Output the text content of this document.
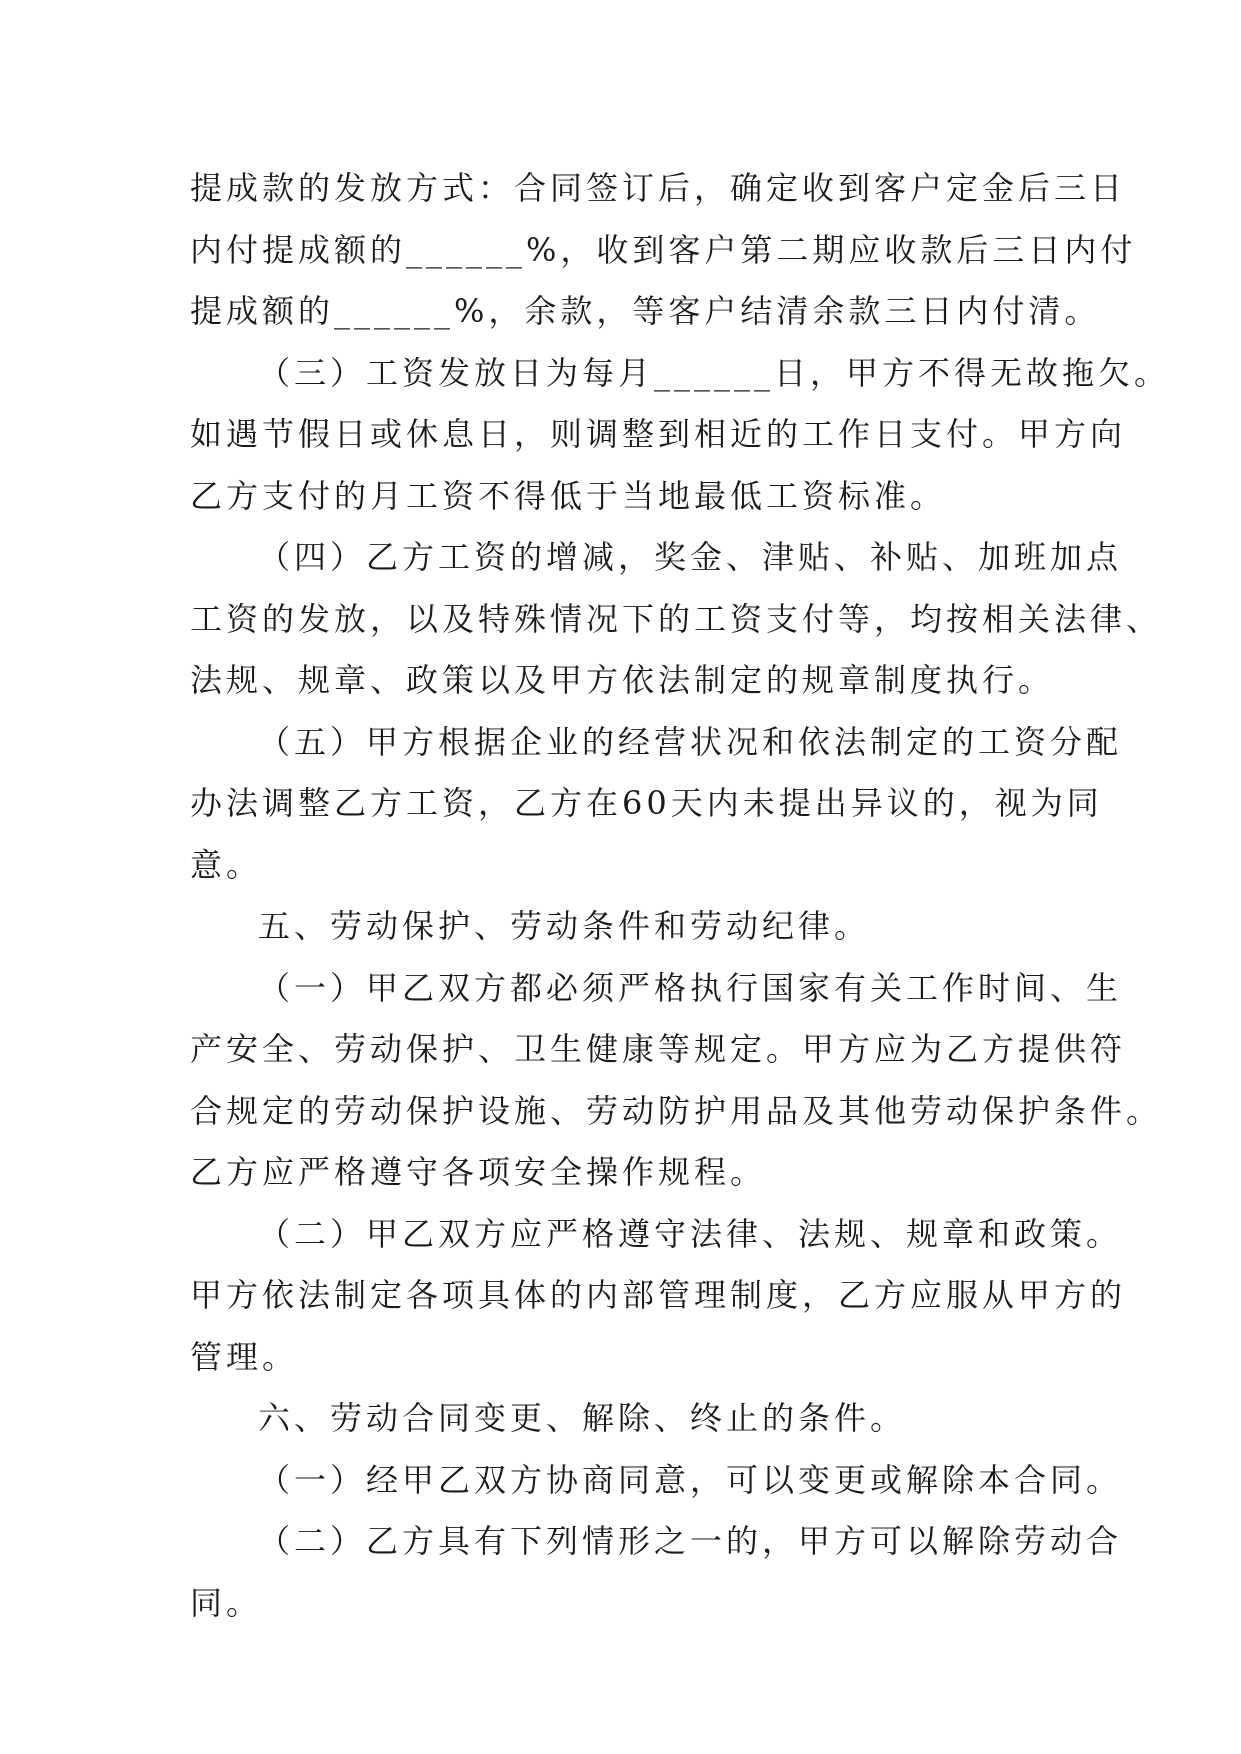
提成款的发放方式：合同签订后，确定收到客户定金后三日
内付提成额的______%，收到客户第二期应收款后三日内付
提成额的______%，余款，等客户结清余款三日内付清。
（三）工资发放日为每月______日，甲方不得无故拖欠。
如遇节假日或休息日，则调整到相近的工作日支付。甲方向
乙方支付的月工资不得低于当地最低工资标准。
（四）乙方工资的增减，奖金、津贴、补贴、加班加点
工资的发放，以及特殊情况下的工资支付等，均按相关法律、
法规、规章、政策以及甲方依法制定的规章制度执行。
（五）甲方根据企业的经营状况和依法制定的工资分配
办法调整乙方工资，乙方在60天内未提出异议的，视为同
意。
五、劳动保护、劳动条件和劳动纪律。
（一）甲乙双方都必须严格执行国家有关工作时间、生
产安全、劳动保护、卫生健康等规定。甲方应为乙方提供符
合规定的劳动保护设施、劳动防护用品及其他劳动保护条件。
乙方应严格遵守各项安全操作规程。
（二）甲乙双方应严格遵守法律、法规、规章和政策。
甲方依法制定各项具体的内部管理制度，乙方应服从甲方的
管理。
六、劳动合同变更、解除、终止的条件。
（一）经甲乙双方协商同意，可以变更或解除本合同。
（二）乙方具有下列情形之一的，甲方可以解除劳动合
同。
